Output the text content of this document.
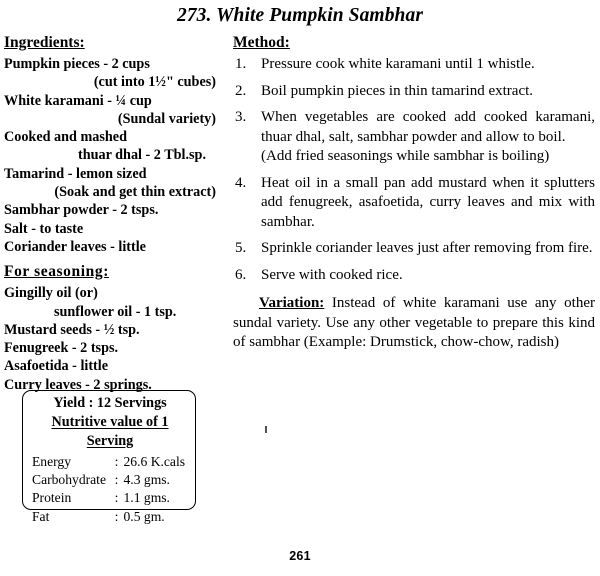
273. White Pumpkin Sambhar
Ingredients:
Pumpkin pieces - 2 cups
(cut into 1½" cubes)
White karamani - ¼ cup
(Sundal variety)
Cooked and mashed
thuar dhal - 2 Tbl.sp.
Tamarind - lemon sized
(Soak and get thin extract)
Sambhar powder - 2 tsps.
Salt - to taste
Coriander leaves - little
For seasoning:
Gingilly oil (or)
sunflower oil - 1 tsp.
Mustard seeds - ½ tsp.
Fenugreek - 2 tsps.
Asafoetida - little
Curry leaves - 2 springs.
Method:
1. Pressure cook white karamani until 1 whistle.
2. Boil pumpkin pieces in thin tamarind extract.
3. When vegetables are cooked add cooked karamani, thuar dhal, salt, sambhar powder and allow to boil.
(Add fried seasonings while sambhar is boiling)
4. Heat oil in a small pan add mustard when it splutters add fenugreek, asafoetida, curry leaves and mix with sambhar.
5. Sprinkle coriander leaves just after removing from fire.
6. Serve with cooked rice.
Variation: Instead of white karamani use any other sundal variety. Use any other vegetable to prepare this kind of sambhar (Example: Drumstick, chow-chow, radish)
Yield : 12 Servings
Nutritive value of 1 Serving
Energy	:	26.6 K.cals
Carbohydrate	:	4.3 gms.
Protein	:	1.1 gms.
Fat	:	0.5 gm.
261
